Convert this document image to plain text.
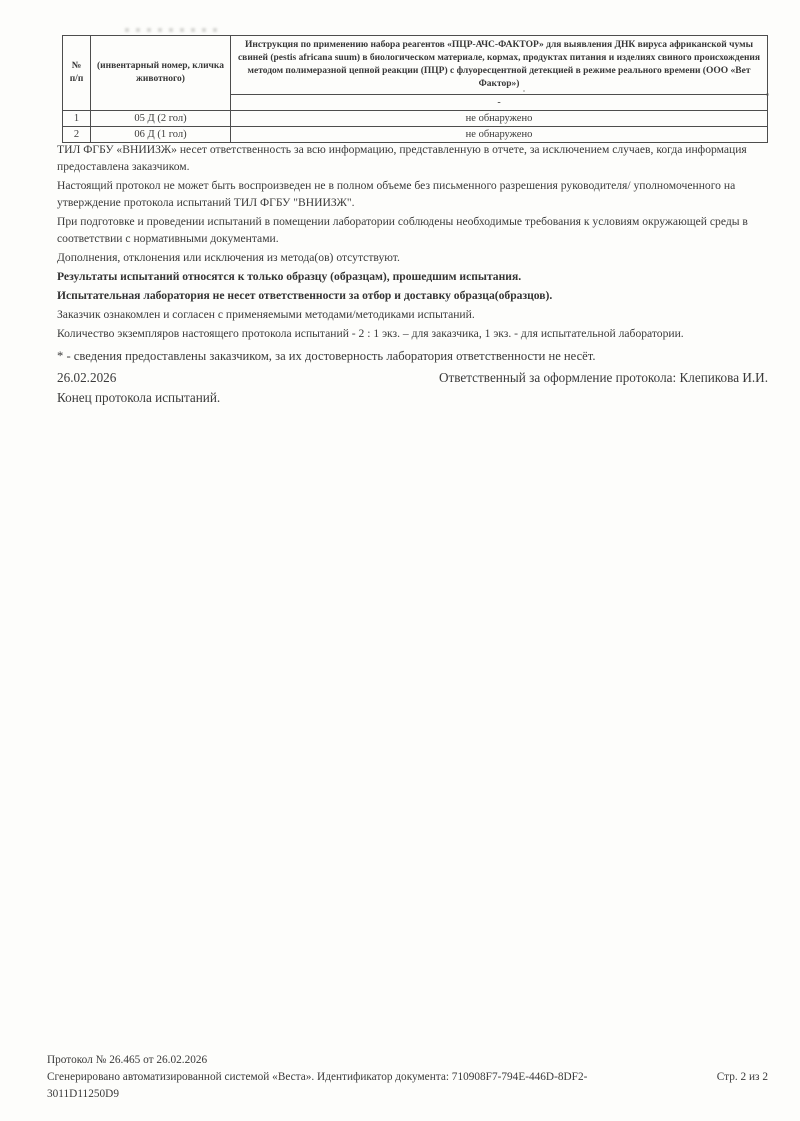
№ п/п	(инвентарный номер, кличка животного)	Инструкция по применению набора реагентов «ПЦР-АЧС-ФАКТОР» для выявления ДНК вируса африканской чумы свиней (pestis africana suum) в биологическом материале, кормах, продуктах питания и изделиях свиного происхождения методом полимеразной цепной реакции (ПЦР) с флуоресцентной детекцией в режиме реального времени (ООО «Вет Фактор»)
		-
1	05 Д (2 гол)	не обнаружено
2	06 Д (1 гол)	не обнаружено

ТИЛ ФГБУ «ВНИИЗЖ» несет ответственность за всю информацию, представленную в отчете, за исключением случаев, когда информация предоставлена заказчиком.

Настоящий протокол не может быть воспроизведен не в полном объеме без письменного разрешения руководителя/ уполномоченного на утверждение протокола испытаний ТИЛ ФГБУ "ВНИИЗЖ".

При подготовке и проведении испытаний в помещении лаборатории соблюдены необходимые требования к условиям окружающей среды в соответствии с нормативными документами.

Дополнения, отклонения или исключения из метода(ов) отсутствуют.

Результаты испытаний относятся к только образцу (образцам), прошедшим испытания.

Испытательная лаборатория не несет ответственности за отбор и доставку образца(образцов).

Заказчик ознакомлен и согласен с применяемыми методами/методиками испытаний.

Количество экземпляров настоящего протокола испытаний - 2 : 1 экз. – для заказчика, 1 экз. - для испытательной лаборатории.

* - сведения предоставлены заказчиком, за их достоверность лаборатория ответственности не несёт.

26.02.2026	Ответственный за оформление протокола: Клепикова И.И.
Конец протокола испытаний.
Протокол № 26.465 от 26.02.2026
Сгенерировано автоматизированной системой «Веста». Идентификатор документа: 710908F7-794E-446D-8DF2-3011D11250D9
Стр. 2 из 2
